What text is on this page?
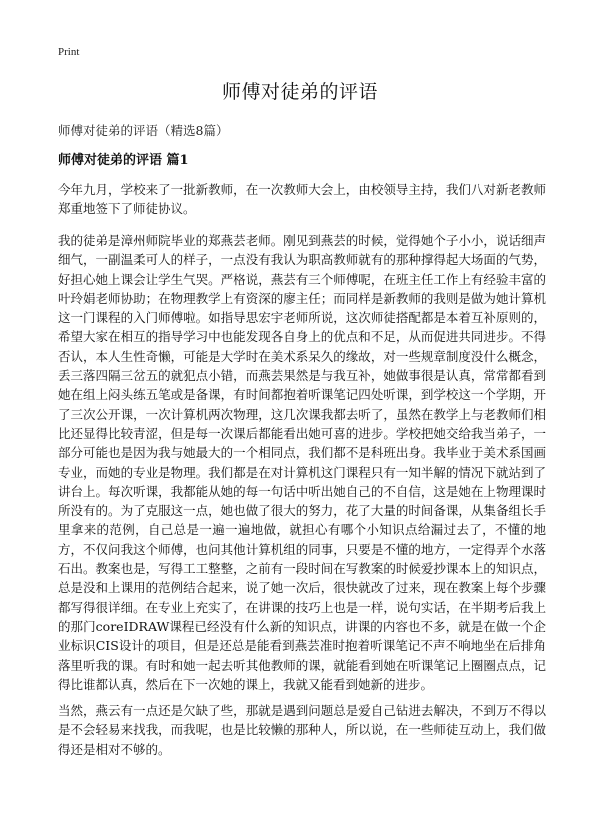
Print
师傅对徒弟的评语
师傅对徒弟的评语（精选8篇）
师傅对徒弟的评语 篇1

今年九月，学校来了一批新教师，在一次教师大会上，由校领导主持，我们八对新老教师郑重地签下了师徒协议。

我的徒弟是漳州师院毕业的郑燕芸老师。刚见到燕芸的时候，觉得她个子小小，说话细声细气，一副温柔可人的样子，一点没有我认为职高教师就有的那种撑得起大场面的气势，好担心她上课会让学生气哭。严格说，燕芸有三个师傅呢，在班主任工作上有经验丰富的叶玲娟老师协助；在物理教学上有资深的廖主任；而同样是新教师的我则是做为她计算机这一门课程的入门师傅啦。如指导思宏宇老师所说，这次师徒搭配都是本着互补原则的，希望大家在相互的指导学习中也能发现各自身上的优点和不足，从而促进共同进步。不得否认，本人生性奇懒，可能是大学时在美术系呆久的缘故，对一些规章制度没什么概念，丢三落四隔三岔五的就犯点小错，而燕芸果然是与我互补，她做事很是认真，常常都看到她在组上闷头练五笔或是备课，有时间都抱着听课笔记四处听课，到学校这一个学期，开了三次公开课，一次计算机两次物理，这几次课我都去听了，虽然在教学上与老教师们相比还显得比较青涩，但是每一次课后都能看出她可喜的进步。学校把她交给我当弟子，一部分可能也是因为我与她最大的一个相同点，我们都不是科班出身。我毕业于美术系国画专业，而她的专业是物理。我们都是在对计算机这门课程只有一知半解的情况下就站到了讲台上。每次听课，我都能从她的每一句话中听出她自己的不自信，这是她在上物理课时所没有的。为了克服这一点，她也做了很大的努力，花了大量的时间备课，从集备组长手里拿来的范例，自己总是一遍一遍地做，就担心有哪个小知识点给漏过去了，不懂的地方，不仅问我这个师傅，也问其他计算机组的同事，只要是不懂的地方，一定得弄个水落石出。教案也是，写得工工整整，之前有一段时间在写教案的时候爱抄课本上的知识点，总是没和上课用的范例结合起来，说了她一次后，很快就改了过来，现在教案上每个步骤都写得很详细。在专业上充实了，在讲课的技巧上也是一样，说句实话，在半期考后我上的那门coreIDRAW课程已经没有什么新的知识点，讲课的内容也不多，就是在做一个企业标识CIS设计的项目，但是还总是能看到燕芸准时抱着听课笔记不声不响地坐在后排角落里听我的课。有时和她一起去听其他教师的课，就能看到她在听课笔记上圈圈点点，记得比谁都认真，然后在下一次她的课上，我就又能看到她新的进步。

当然，燕云有一点还是欠缺了些，那就是遇到问题总是爱自己钻进去解决，不到万不得以是不会轻易来找我，而我呢，也是比较懒的那种人，所以说，在一些师徒互动上，我们做得还是相对不够的。
